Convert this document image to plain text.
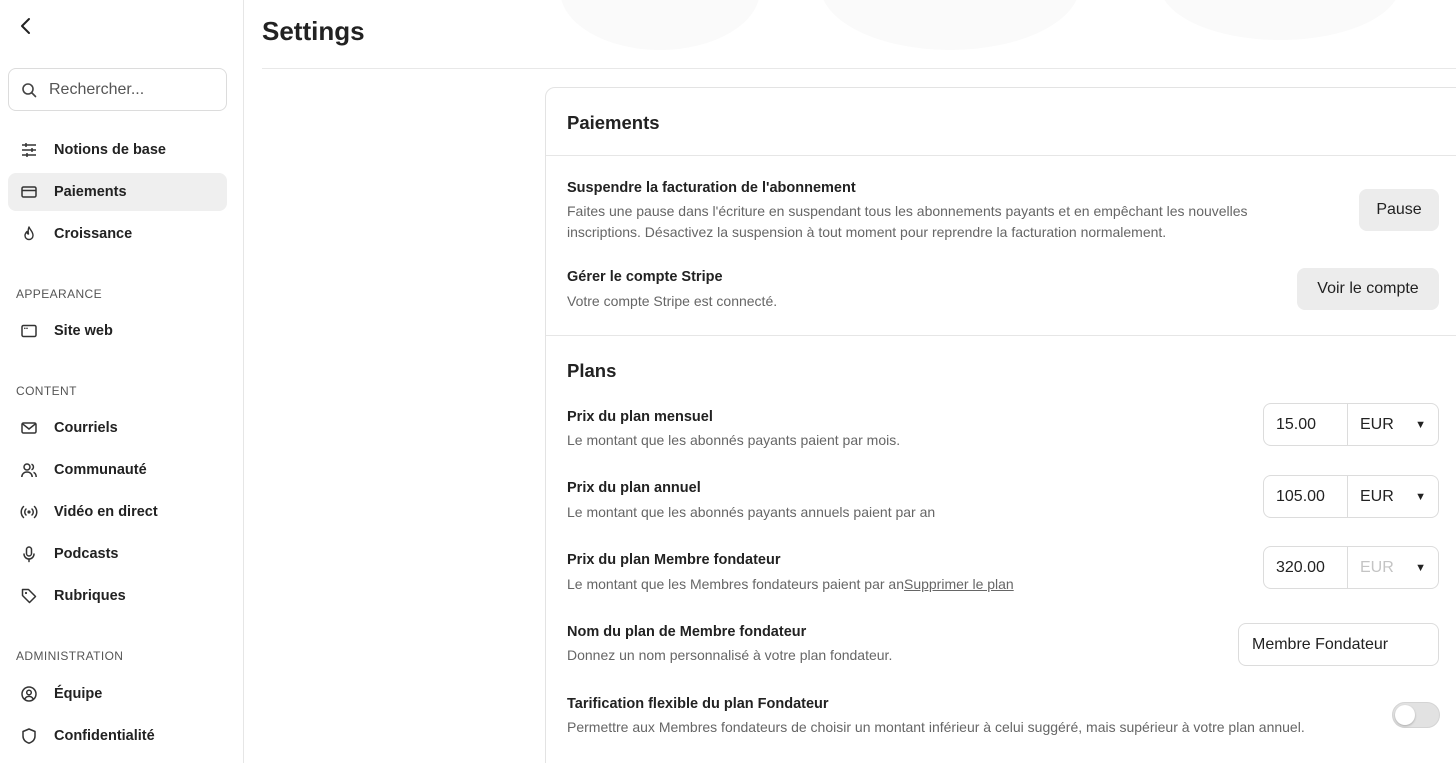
Rechercher...
Notions de base
Paiements
Croissance
APPEARANCE
Site web
CONTENT
Courriels
Communauté
Vidéo en direct
Podcasts
Rubriques
ADMINISTRATION
Équipe
Confidentialité
Settings
Paiements
Suspendre la facturation de l'abonnement
Faites une pause dans l'écriture en suspendant tous les abonnements payants et en empêchant les nouvelles inscriptions. Désactivez la suspension à tout moment pour reprendre la facturation normalement.
Pause
Gérer le compte Stripe
Votre compte Stripe est connecté.
Voir le compte
Plans
Prix du plan mensuel
Le montant que les abonnés payants paient par mois.
15.00	EUR ▼
Prix du plan annuel
Le montant que les abonnés payants annuels paient par an
105.00	EUR ▼
Prix du plan Membre fondateur
Le montant que les Membres fondateurs paient par anSupprimer le plan
320.00	EUR ▼
Nom du plan de Membre fondateur
Donnez un nom personnalisé à votre plan fondateur.
Membre Fondateur
Tarification flexible du plan Fondateur
Permettre aux Membres fondateurs de choisir un montant inférieur à celui suggéré, mais supérieur à votre plan annuel.
